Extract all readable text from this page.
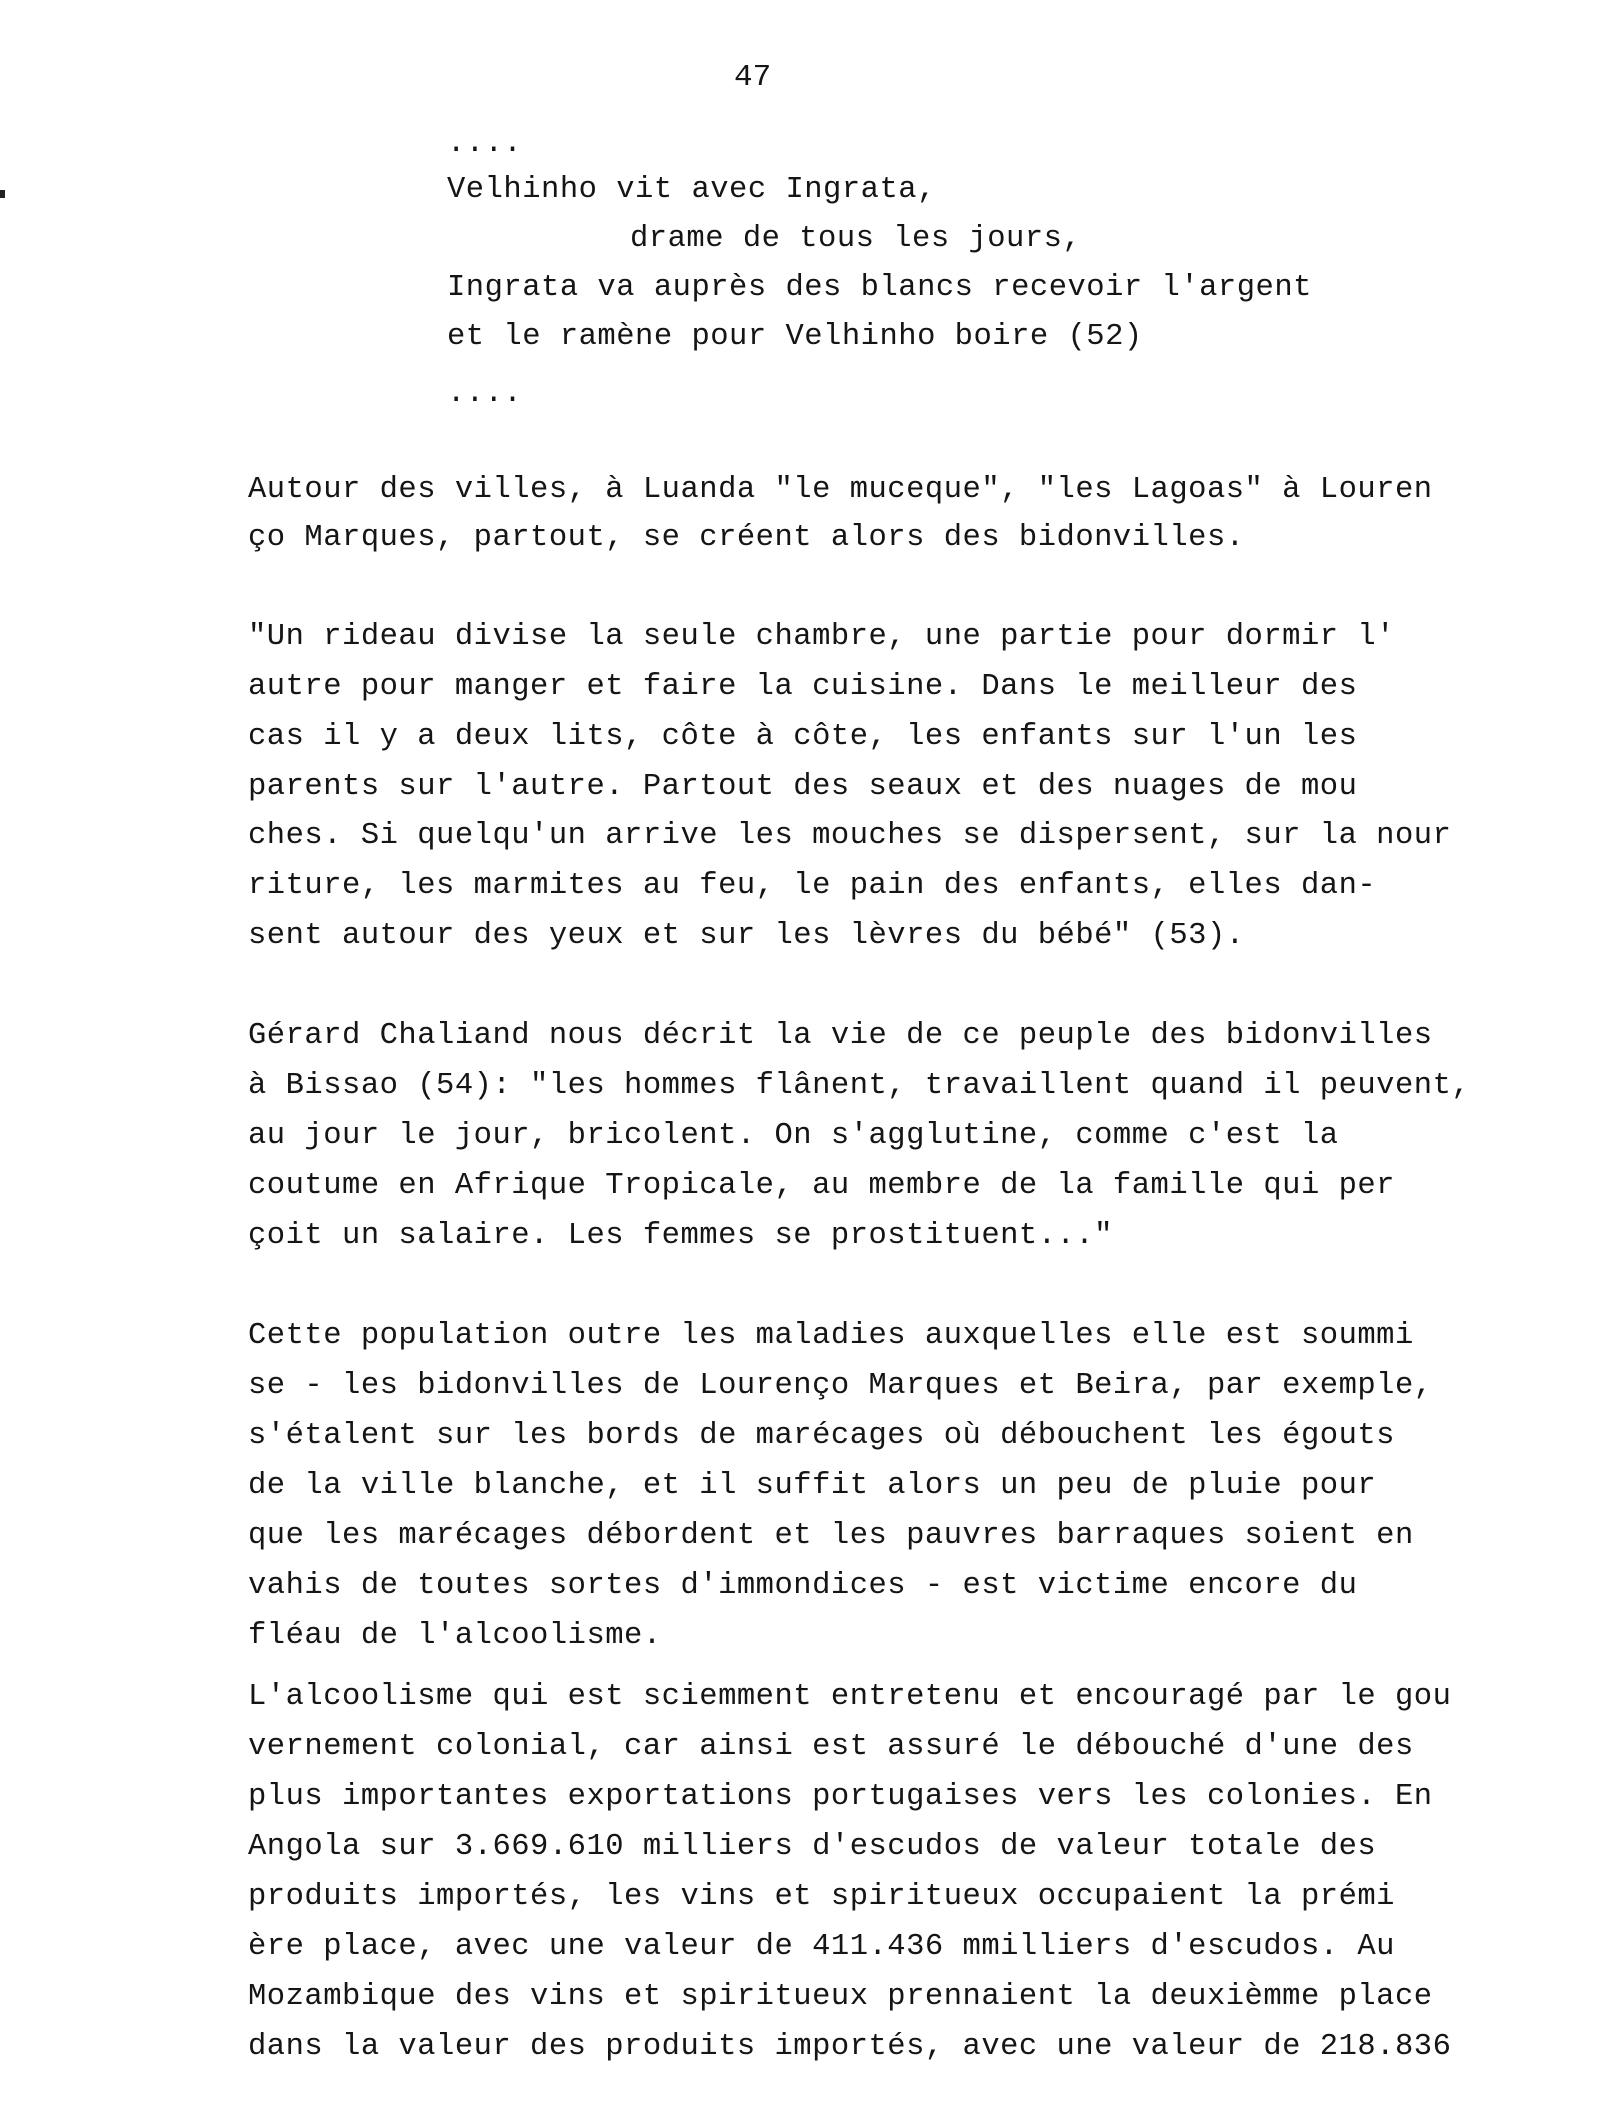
47
....
Velhinho vit avec Ingrata,
drame de tous les jours,
Ingrata va auprès des blancs recevoir l'argent
et le ramène pour Velhinho boire (52)
....
Autour des villes, à Luanda "le muceque", "les Lagoas" à Louren
ço Marques, partout, se créent alors des bidonvilles.
"Un rideau divise la seule chambre, une partie pour dormir l'
autre pour manger et faire la cuisine. Dans le meilleur des
cas il y a deux lits, côte à côte, les enfants sur l'un les
parents sur l'autre. Partout des seaux et des nuages de mou
ches. Si quelqu'un arrive les mouches se dispersent, sur la nour
riture, les marmites au feu, le pain des enfants, elles dan-
sent autour des yeux et sur les lèvres du bébé" (53).
Gérard Chaliand nous décrit la vie de ce peuple des bidonvilles
à Bissao (54): "les hommes flânent, travaillent quand il peuvent,
au jour le jour, bricolent. On s'agglutine, comme c'est la
coutume en Afrique Tropicale, au membre de la famille qui per
çoit un salaire. Les femmes se prostituent..."
Cette population outre les maladies auxquelles elle est soummi
se - les bidonvilles de Lourenço Marques et Beira, par exemple,
s'étalent sur les bords de marécages où débouchent les égouts
de la ville blanche, et il suffit alors un peu de pluie pour
que les marécages débordent et les pauvres barraques soient en
vahis de toutes sortes d'immondices - est victime encore du
fléau de l'alcoolisme.
L'alcoolisme qui est sciemment entretenu et encouragé par le gou
vernement colonial, car ainsi est assuré le débouché d'une des
plus importantes exportations portugaises vers les colonies. En
Angola sur 3.669.610 milliers d'escudos de valeur totale des
produits importés, les vins et spiritueux occupaient la prémi
ère place, avec une valeur de 411.436 mmilliers d'escudos. Au
Mozambique des vins et spiritueux prennaient la deuxièmme place
dans la valeur des produits importés, avec une valeur de 218.836
